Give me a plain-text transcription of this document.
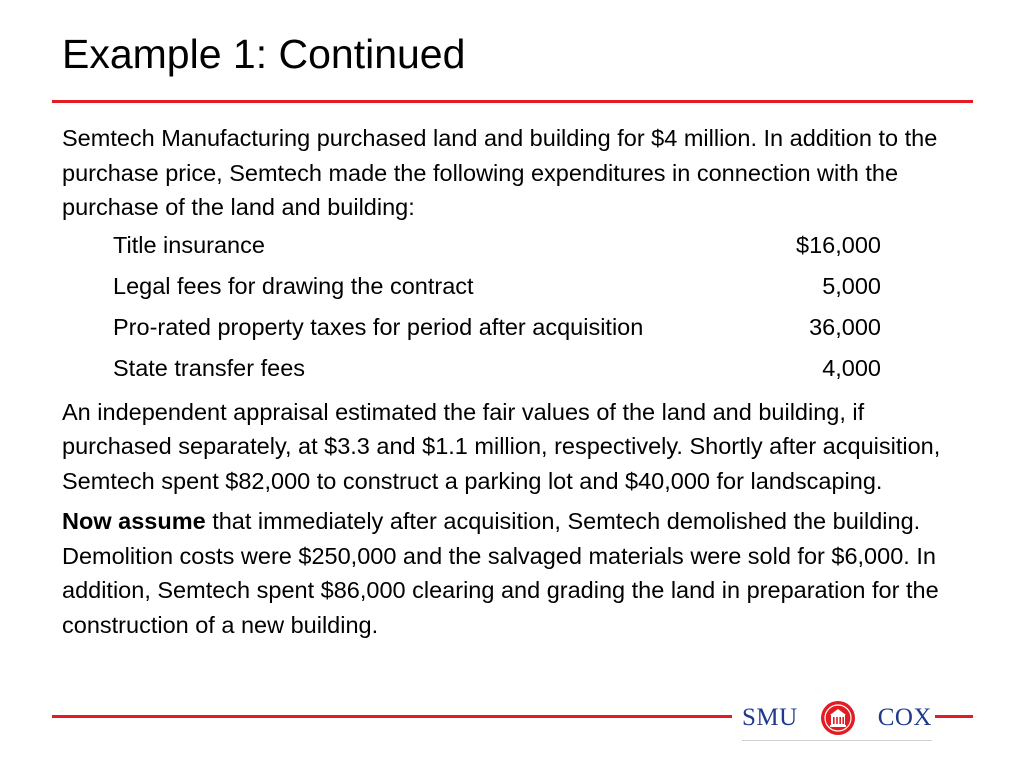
Example 1: Continued

Semtech Manufacturing purchased land and building for $4 million. In addition to the purchase price, Semtech made the following expenditures in connection with the purchase of the land and building:

Title insurance	$16,000
Legal fees for drawing the contract	5,000
Pro-rated property taxes for period after acquisition	36,000
State transfer fees	4,000

An independent appraisal estimated the fair values of the land and building, if purchased separately, at $3.3 and $1.1 million, respectively. Shortly after acquisition, Semtech spent $82,000 to construct a parking lot and $40,000 for landscaping.

Now assume that immediately after acquisition, Semtech demolished the building. Demolition costs were $250,000 and the salvaged materials were sold for $6,000. In addition, Semtech spent $86,000 clearing and grading the land in preparation for the construction of a new building.

SMU	COX
